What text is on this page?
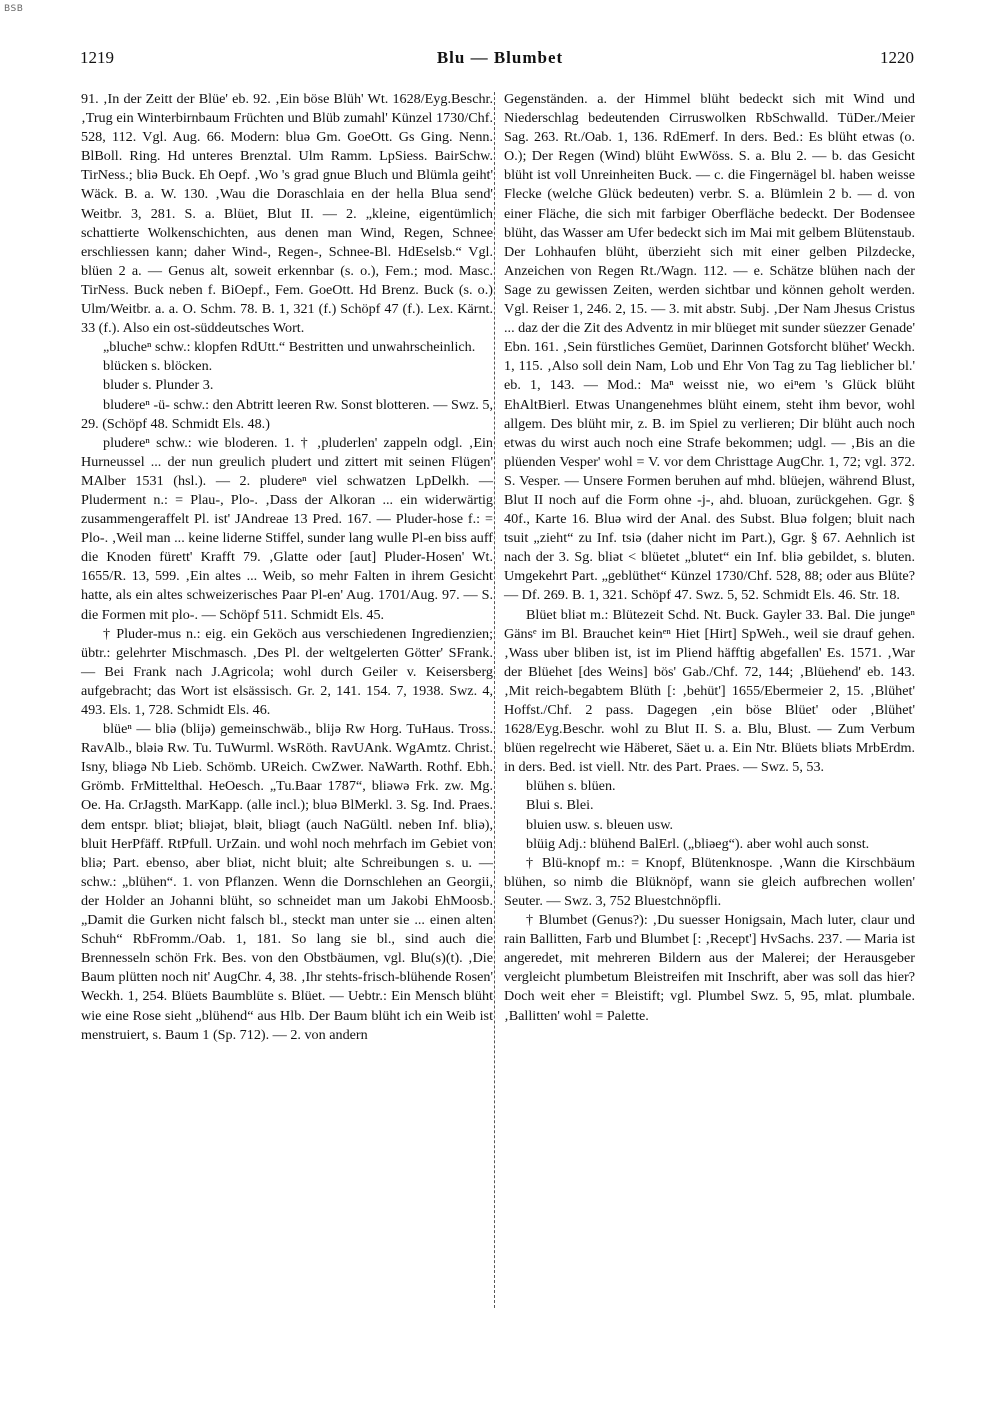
BSB
1219	Blu — Blumbet	1220

91. ‚In der Zeitt der Blüe' eb. 92. ‚Ein böse Blüh' Wt. 1628/Eyg.Beschr. ‚Trug ein Winterbirnbaum Früchten und Blüb zumahl' Künzel 1730/Chf. 528, 112. Vgl. Aug. 66. Modern: bluə Gm. GoeOtt. Gs Ging. Nenn. BlBoll. Ring. Hd unteres Brenztal. Ulm Ramm. LpSiess. BairSchw. TirNess.; bliə Buck. Eh Oepf. ‚Wo 's grad gnue Bluch und Blümla geiht' Wäck. B. a. W. 130. ‚Wau die Doraschlaia en der hella Blua send' Weitbr. 3, 281. S. a. Blüet, Blut II. — 2. „kleine, eigentümlich schattierte Wolkenschichten, aus denen man Wind, Regen, Schnee erschliessen kann; daher Wind-, Regen-, Schnee-Bl. HdEselsb.“ Vgl. blüen 2 a. — Genus alt, soweit erkennbar (s. o.), Fem.; mod. Masc. TirNess. Buck neben f. BiOepf., Fem. GoeOtt. Hd Brenz. Buck (s. o.) Ulm/Weitbr. a. a. O. Schm. 78. B. 1, 321 (f.) Schöpf 47 (f.). Lex. Kärnt. 33 (f.). Also ein ost-süddeutsches Wort.

„blucheⁿ schw.: klopfen RdUtt.“ Bestritten und unwahrscheinlich.

blücken s. blöcken.

bluder s. Plunder 3.

bludereⁿ -ü- schw.: den Abtritt leeren Rw. Sonst blotteren. — Swz. 5, 29. (Schöpf 48. Schmidt Els. 48.)

pludereⁿ schw.: wie bloderen. 1. † ‚pluderlen' zappeln odgl. ‚Ein Hurneussel ... der nun greulich pludert und zittert mit seinen Flügen' MAlber 1531 (hsl.). — 2. pludereⁿ viel schwatzen LpDelkh. — Pluderment n.: = Plau-, Plo-. ‚Dass der Alkoran ... ein widerwärtig zusammengeraffelt Pl. ist' JAndreae 13 Pred. 167. — Pluder-hose f.: = Plo-. ‚Weil man ... keine liderne Stiffel, sunder lang wulle Pl-en biss auff die Knoden fürett' Krafft 79. ‚Glatte oder [aut] Pluder-Hosen' Wt. 1655/R. 13, 599. ‚Ein altes ... Weib, so mehr Falten in ihrem Gesicht hatte, als ein altes schweizerisches Paar Pl-en' Aug. 1701/Aug. 97. — S. die Formen mit plo-. — Schöpf 511. Schmidt Els. 45.

† Pluder-mus n.: eig. ein Geköch aus verschiedenen Ingredienzien; übtr.: gelehrter Mischmasch. ‚Des Pl. der weltgelerten Götter' SFrank. — Bei Frank nach J.Agricola; wohl durch Geiler v. Keisersberg aufgebracht; das Wort ist elsässisch. Gr. 2, 141. 154. 7, 1938. Swz. 4, 493. Els. 1, 728. Schmidt Els. 46.

blüeⁿ — bliə (blijə) gemeinschwäb., blijə Rw Horg. TuHaus. Tross. RavAlb., bləiə Rw. Tu. TuWurml. WsRöth. RavUAnk. WgAmtz. Christ. Isny, bliəgə Nb Lieb. Schömb. UReich. CwZwer. NaWarth. Rothf. Ebh. Grömb. FrMittelthal. HeOesch. „Tu.Baar 1787“, bliəwə Frk. zw. Mg. Oe. Ha. CrJagsth. MarKapp. (alle incl.); bluə BlMerkl. 3. Sg. Ind. Praes. dem entspr. bliət; bliəjət, bləit, bliəgt (auch NaGültl. neben Inf. bliə), bluit HerPfäff. RtPfull. UrZain. und wohl noch mehrfach im Gebiet von bliə; Part. ebenso, aber bliət, nicht bluit; alte Schreibungen s. u. — schw.: „blühen“. 1. von Pflanzen. Wenn die Dornschlehen an Georgii, der Holder an Johanni blüht, so schneidet man um Jakobi EhMoosb. „Damit die Gurken nicht falsch bl., steckt man unter sie ... einen alten Schuh“ RbFromm./Oab. 1, 181. So lang sie bl., sind auch die Brennesseln schön Frk. Bes. von den Obstbäumen, vgl. Blu(s)(t). ‚Die Baum plütten noch nit' AugChr. 4, 38. ‚Ihr stehts-frisch-blühende Rosen' Weckh. 1, 254. Blüets Baumblüte s. Blüet. — Uebtr.: Ein Mensch blüht wie eine Rose sieht „blühend“ aus Hlb. Der Baum blüht ich ein Weib ist menstruiert, s. Baum 1 (Sp. 712). — 2. von andern

Gegenständen. a. der Himmel blüht bedeckt sich mit Wind und Niederschlag bedeutenden Cirruswolken RbSchwalld. TüDer./Meier Sag. 263. Rt./Oab. 1, 136. RdEmerf. In ders. Bed.: Es blüht etwas (o. O.); Der Regen (Wind) blüht EwWöss. S. a. Blu 2. — b. das Gesicht blüht ist voll Unreinheiten Buck. — c. die Fingernägel bl. haben weisse Flecke (welche Glück bedeuten) verbr. S. a. Blümlein 2 b. — d. von einer Fläche, die sich mit farbiger Oberfläche bedeckt. Der Bodensee blüht, das Wasser am Ufer bedeckt sich im Mai mit gelbem Blütenstaub. Der Lohhaufen blüht, überzieht sich mit einer gelben Pilzdecke, Anzeichen von Regen Rt./Wagn. 112. — e. Schätze blühen nach der Sage zu gewissen Zeiten, werden sichtbar und können geholt werden. Vgl. Reiser 1, 246. 2, 15. — 3. mit abstr. Subj. ‚Der Nam Jhesus Cristus ... daz der die Zit des Adventz in mir blüeget mit sunder süezzer Genade' Ebn. 161. ‚Sein fürstliches Gemüet, Darinnen Gotsforcht blühet' Weckh. 1, 115. ‚Also soll dein Nam, Lob und Ehr Von Tag zu Tag lieblicher bl.' eb. 1, 143. — Mod.: Maⁿ weisst nie, wo eiⁿem 's Glück blüht EhAltBierl. Etwas Unangenehmes blüht einem, steht ihm bevor, wohl allgem. Des blüht mir, z. B. im Spiel zu verlieren; Dir blüht auch noch etwas du wirst auch noch eine Strafe bekommen; udgl. — ‚Bis an die plüenden Vesper' wohl = V. vor dem Christtage AugChr. 1, 72; vgl. 372. S. Vesper. — Unsere Formen beruhen auf mhd. blüejen, während Blust, Blut II noch auf die Form ohne -j-, ahd. bluoan, zurückgehen. Ggr. § 40f., Karte 16. Bluə wird der Anal. des Subst. Bluə folgen; bluit nach tsuit „zieht“ zu Inf. tsiə (daher nicht im Part.), Ggr. § 67. Aehnlich ist nach der 3. Sg. bliət < blüetet „blutet“ ein Inf. bliə gebildet, s. bluten. Umgekehrt Part. „geblüthet“ Künzel 1730/Chf. 528, 88; oder aus Blüte? — Df. 269. B. 1, 321. Schöpf 47. Swz. 5, 52. Schmidt Els. 46. Str. 18.

Blüet bliət m.: Blütezeit Schd. Nt. Buck. Gayler 33. Bal. Die jungeⁿ Gänsᵉ im Bl. Brauchet keinᵉⁿ Hiet [Hirt] SpWeh., weil sie drauf gehen. ‚Wass uber bliben ist, ist im Pliend häfftig abgefallen' Es. 1571. ‚War der Blüehet [des Weins] bös' Gab./Chf. 72, 144; ‚Blüehend' eb. 143. ‚Mit reich-begabtem Blüth [: ‚behüt'] 1655/Ebermeier 2, 15. ‚Blühet' Hoffst./Chf. 2 pass. Dagegen ‚ein böse Blüet' oder ‚Blühet' 1628/Eyg.Beschr. wohl zu Blut II. S. a. Blu, Blust. — Zum Verbum blüen regelrecht wie Häberet, Säet u. a. Ein Ntr. Blüets bliəts MrbErdm. in ders. Bed. ist viell. Ntr. des Part. Praes. — Swz. 5, 53.

blühen s. blüen.

Blui s. Blei.

bluien usw. s. bleuen usw.

blüig Adj.: blühend BalErl. („bliəeg“). aber wohl auch sonst.

† Blü-knopf m.: = Knopf, Blütenknospe. ‚Wann die Kirschbäum blühen, so nimb die Blüknöpf, wann sie gleich aufbrechen wollen' Seuter. — Swz. 3, 752 Bluestchnöpfli.

† Blumbet (Genus?): ‚Du suesser Honigsain, Mach luter, claur und rain Ballitten, Farb und Blumbet [: ‚Recept'] HvSachs. 237. — Maria ist angeredet, mit mehreren Bildern aus der Malerei; der Herausgeber vergleicht plumbetum Bleistreifen mit Inschrift, aber was soll das hier? Doch weit eher = Bleistift; vgl. Plumbel Swz. 5, 95, mlat. plumbale. ‚Ballitten' wohl = Palette.
